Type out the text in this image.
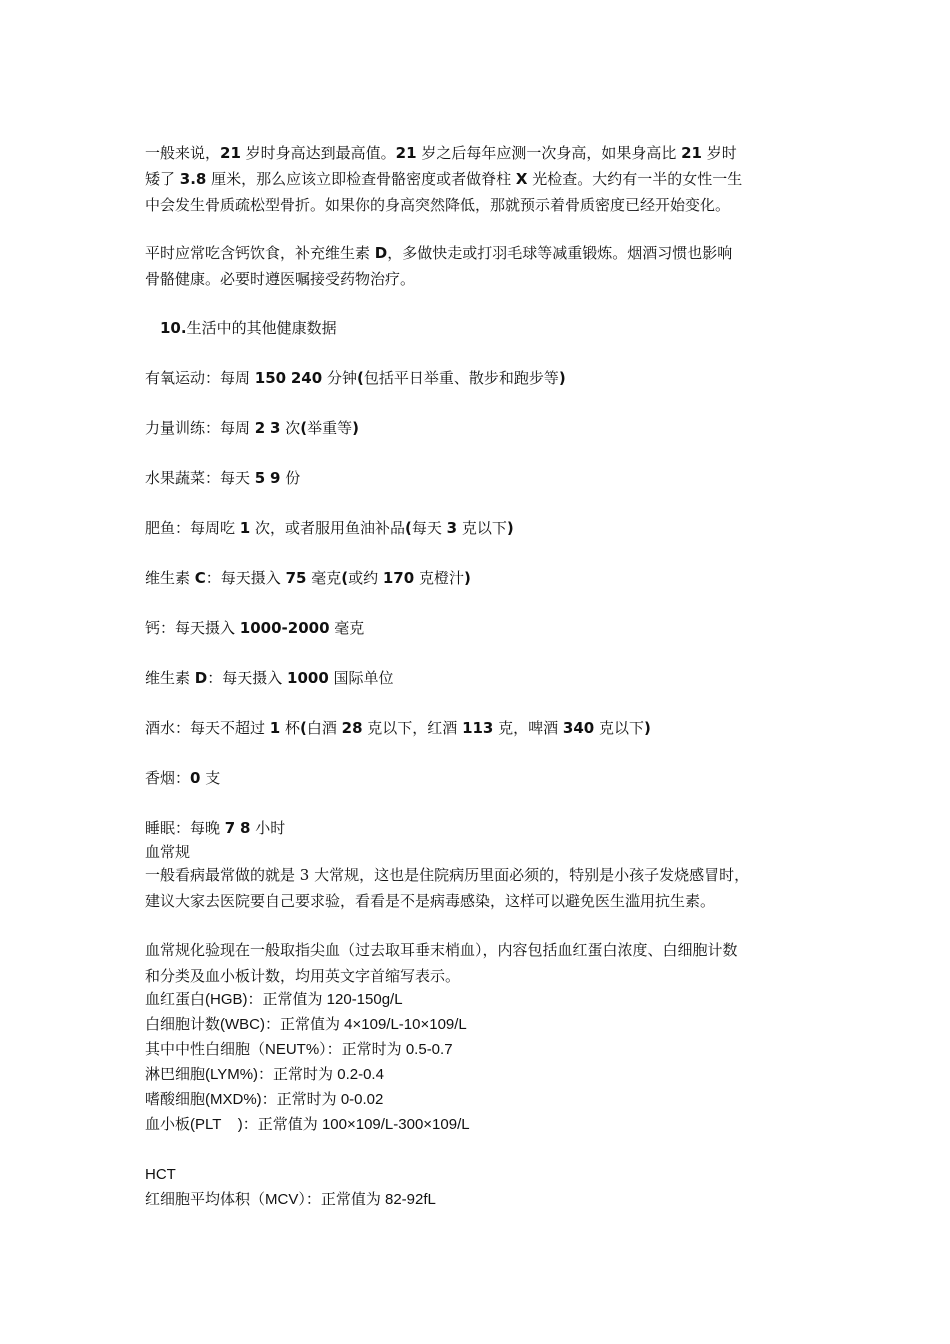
一般来说，21 岁时身高达到最高值。21 岁之后每年应测一次身高，如果身高比 21 岁时
矮了 3.8 厘米，那么应该立即检查骨骼密度或者做脊柱 X 光检查。大约有一半的女性一生
中会发生骨质疏松型骨折。如果你的身高突然降低，那就预示着骨质密度已经开始变化。
平时应常吃含钙饮食，补充维生素 D，多做快走或打羽毛球等减重锻炼。烟酒习惯也影响
骨骼健康。必要时遵医嘱接受药物治疗。
10.生活中的其他健康数据
有氧运动：每周 150 240 分钟(包括平日举重、散步和跑步等)
力量训练：每周 2 3 次(举重等)
水果蔬菜：每天 5 9 份
肥鱼：每周吃 1 次，或者服用鱼油补品(每天 3 克以下)
维生素 C：每天摄入 75 毫克(或约 170 克橙汁)
钙：每天摄入 1000-2000 毫克
维生素 D：每天摄入 1000 国际单位
酒水：每天不超过 1 杯(白酒 28 克以下，红酒 113 克，啤酒 340 克以下)
香烟：0 支
睡眠：每晚 7 8 小时
血常规
一般看病最常做的就是 3 大常规，这也是住院病历里面必须的，特别是小孩子发烧感冒时，
建议大家去医院要自己要求验，看看是不是病毒感染，这样可以避免医生滥用抗生素。
血常规化验现在一般取指尖血（过去取耳垂末梢血），内容包括血红蛋白浓度、白细胞计数
和分类及血小板计数，均用英文字首缩写表示。
血红蛋白(HGB)：正常值为 120-150g/L
白细胞计数(WBC)：正常值为 4×109/L-10×109/L
其中中性白细胞（NEUT%）：正常时为 0.5-0.7
淋巴细胞(LYM%)：正常时为 0.2-0.4
嗜酸细胞(MXD%)：正常时为 0-0.02
血小板(PLT    )：正常值为 100×109/L-300×109/L
HCT
红细胞平均体积（MCV）：正常值为 82-92fL
